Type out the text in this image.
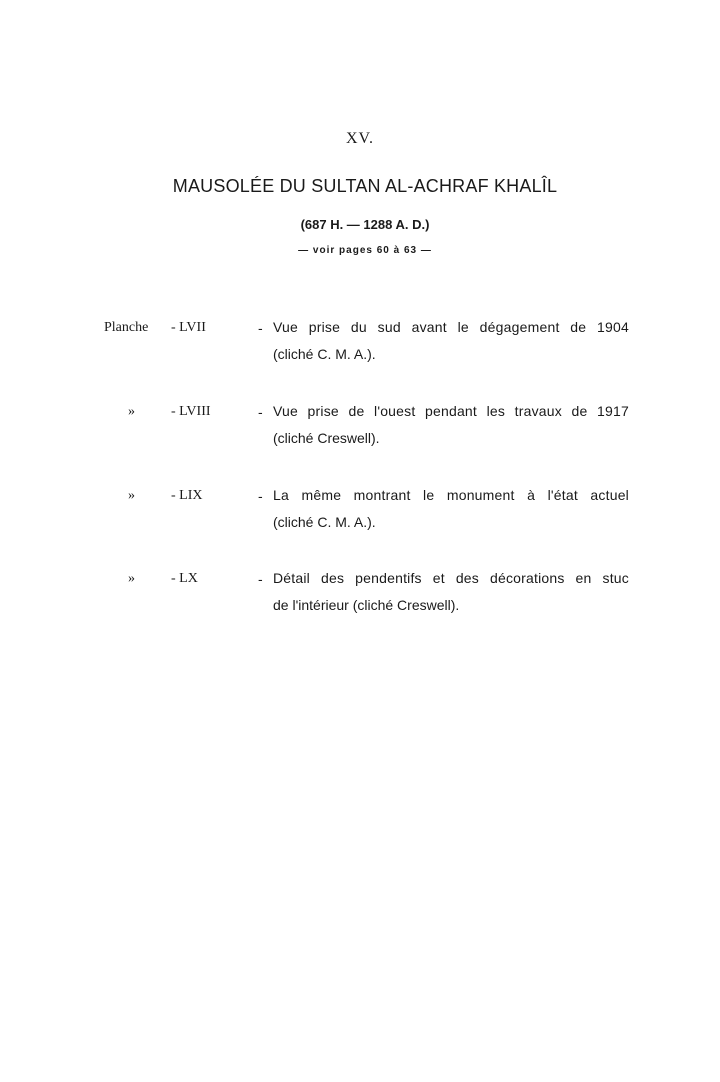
XV.
MAUSOLÉE DU SULTAN AL-ACHRAF KHALÎL
(687 H. — 1288 A. D.)
— voir pages 60 à 63 —
Planche - LVII	- Vue prise du sud avant le dégagement de 1904
(cliché C. M. A.).
»	- LVIII	- Vue prise de l'ouest pendant les travaux de 1917
(cliché Creswell).
»	- LIX	- La même montrant le monument à l'état actuel
(cliché C. M. A.).
»	- LX	- Détail des pendentifs et des décorations en stuc
de l'intérieur (cliché Creswell).
